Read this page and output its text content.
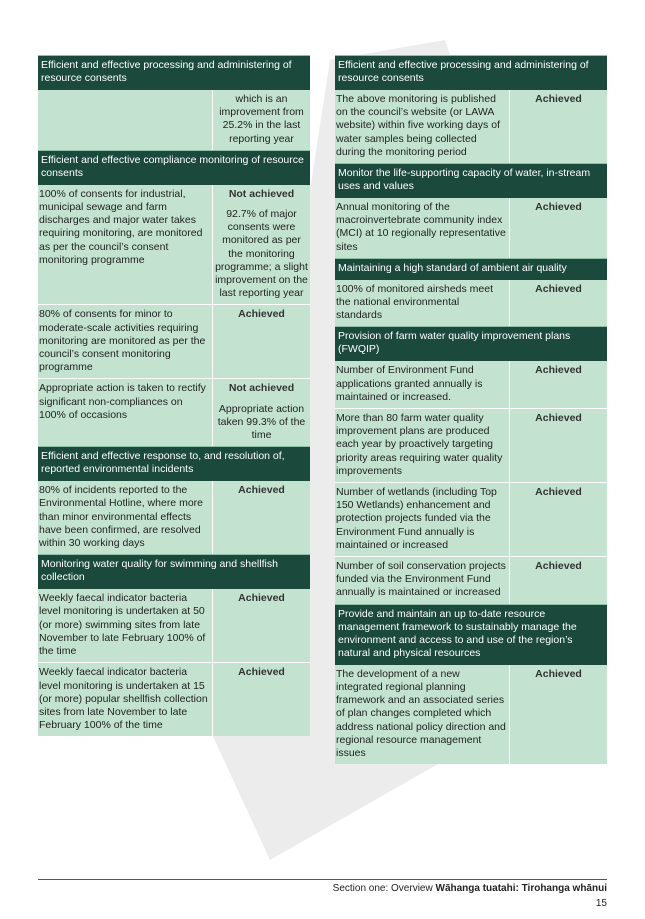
Efficient and effective processing and administering of resource consents
which is an improvement from 25.2% in the last reporting year
Efficient and effective compliance monitoring of resource consents
100% of consents for industrial, municipal sewage and farm discharges and major water takes requiring monitoring, are monitored as per the council’s consent monitoring programme
Not achieved
92.7% of major consents were monitored as per the monitoring programme; a slight improvement on the last reporting year
80% of consents for minor to moderate-scale activities requiring monitoring are monitored as per the council’s consent monitoring programme
Achieved
Appropriate action is taken to rectify significant non-compliances on 100% of occasions
Not achieved
Appropriate action taken 99.3% of the time
Efficient and effective response to, and resolution of, reported environmental incidents
80% of incidents reported to the Environmental Hotline, where more than minor environmental effects have been confirmed, are resolved within 30 working days
Achieved
Monitoring water quality for swimming and shellfish collection
Weekly faecal indicator bacteria level monitoring is undertaken at 50 (or more) swimming sites from late November to late February 100% of the time
Achieved
Weekly faecal indicator bacteria level monitoring is undertaken at 15 (or more) popular shellfish collection sites from late November to late February 100% of the time
Achieved
Efficient and effective processing and administering of resource consents
The above monitoring is published on the council’s website (or LAWA website) within five working days of water samples being collected during the monitoring period
Achieved
Monitor the life-supporting capacity of water, in-stream uses and values
Annual monitoring of the macroinvertebrate community index (MCI) at 10 regionally representative sites
Achieved
Maintaining a high standard of ambient air quality
100% of monitored airsheds meet the national environmental standards
Achieved
Provision of farm water quality improvement plans (FWQIP)
Number of Environment Fund applications granted annually is maintained or increased.
Achieved
More than 80 farm water quality improvement plans are produced each year by proactively targeting priority areas requiring water quality improvements
Achieved
Number of wetlands (including Top 150 Wetlands) enhancement and protection projects funded via the Environment Fund annually is maintained or increased
Achieved
Number of soil conservation projects funded via the Environment Fund annually is maintained or increased
Achieved
Provide and maintain an up to-date resource management framework to sustainably manage the environment and access to and use of the region’s natural and physical resources
The development of a new integrated regional planning framework and an associated series of plan changes completed which address national policy direction and regional resource management issues
Achieved
Section one: Overview Wāhanga tuatahi: Tirohanga whānui
15
